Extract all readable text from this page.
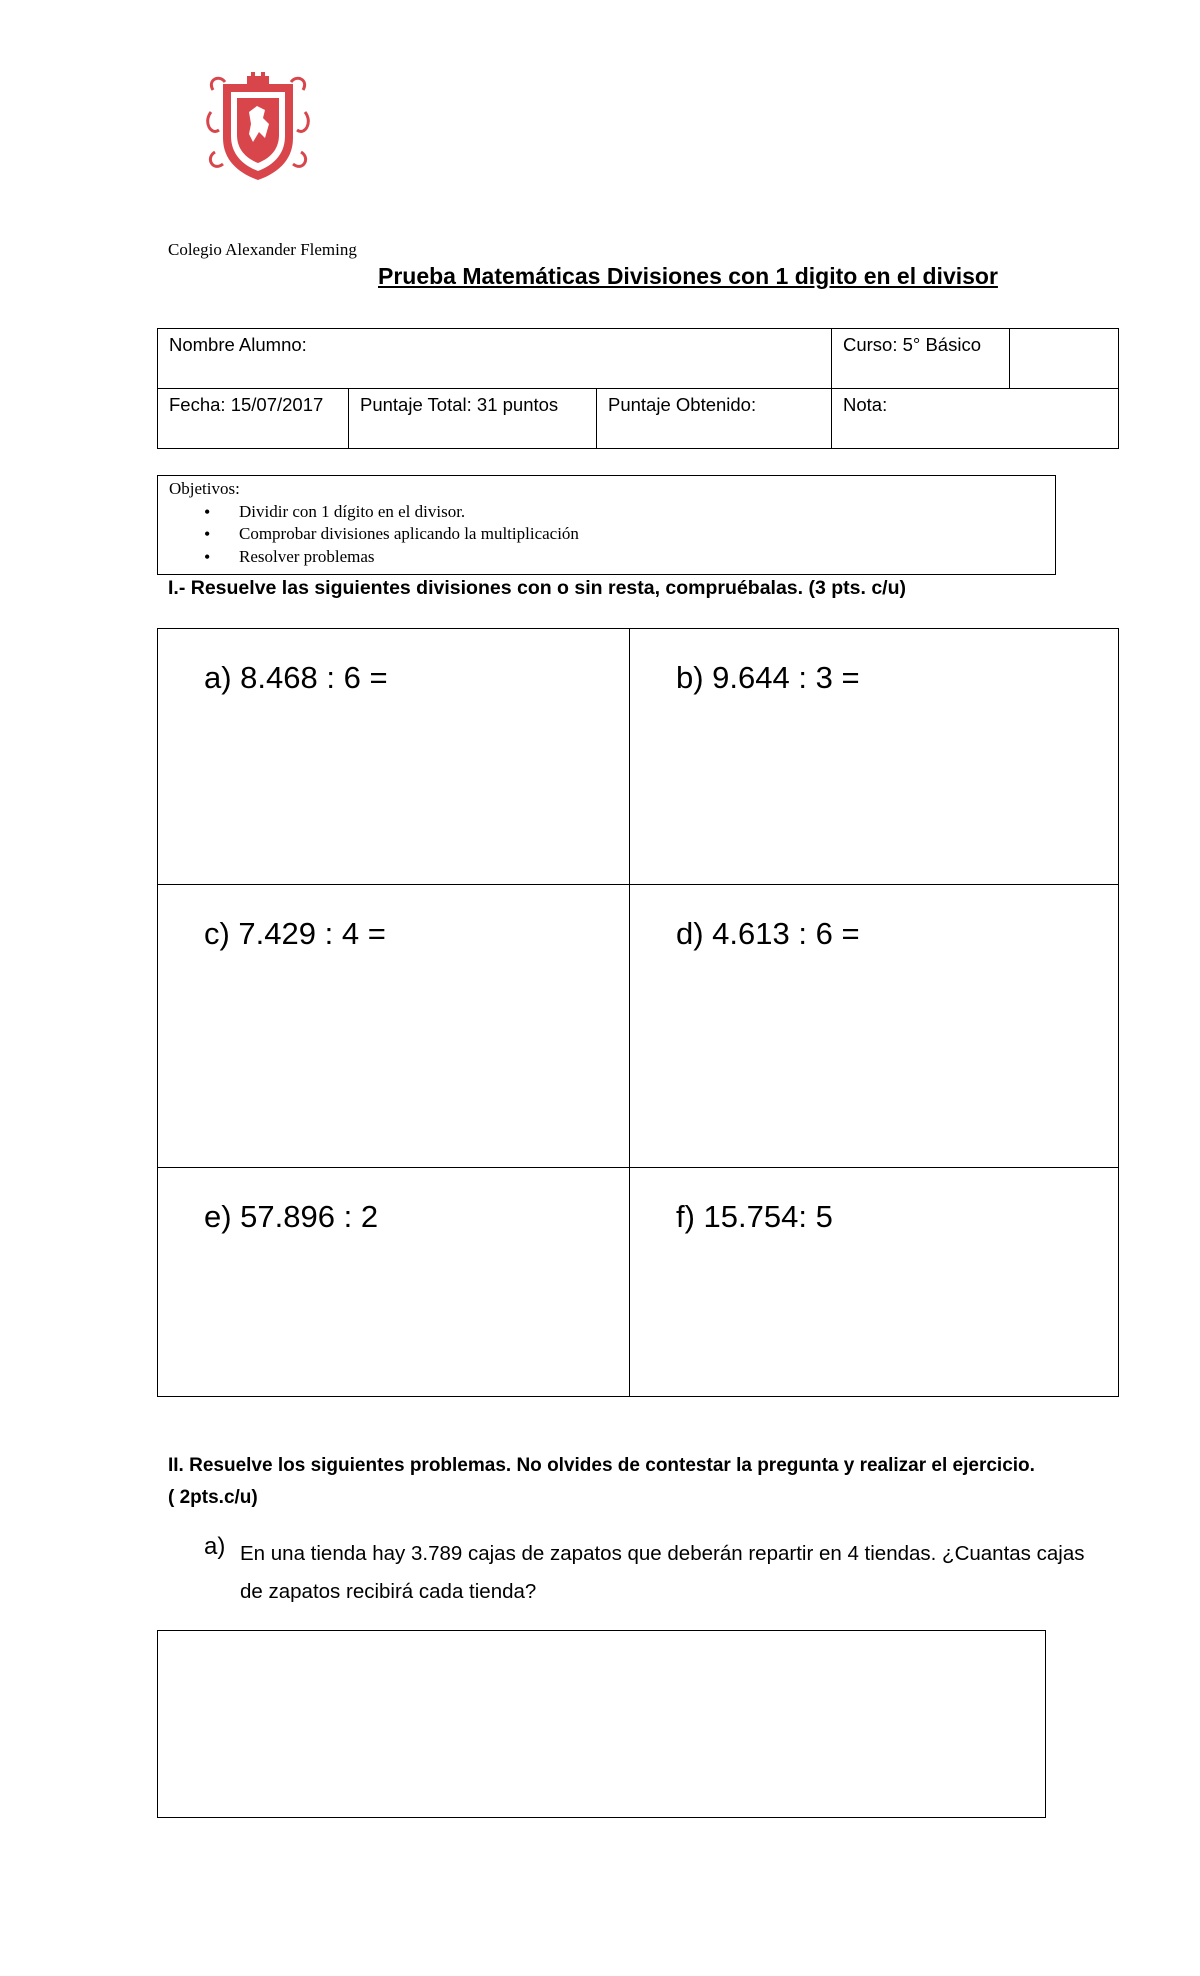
Colegio Alexander Fleming
Prueba Matemáticas Divisiones con 1 digito en el divisor
Nombre Alumno:			Curso: 5° Básico	
Fecha: 15/07/2017	Puntaje Total: 31 puntos	Puntaje Obtenido:	Nota:	
Objetivos:
• Dividir con 1 dígito en el divisor.
• Comprobar divisiones aplicando la multiplicación
• Resolver problemas
I.- Resuelve las siguientes divisiones con o sin resta, compruébalas. (3 pts. c/u)
a) 8.468 : 6 =	b) 9.644 : 3 =

c) 7.429 : 4 =	d) 4.613 : 6 =

e) 57.896 : 2	f) 15.754: 5
II. Resuelve los siguientes problemas. No olvides de contestar la pregunta y realizar el ejercicio.
( 2pts.c/u)
a) En una tienda hay 3.789 cajas de zapatos que deberán repartir en 4 tiendas. ¿Cuantas cajas de zapatos recibirá cada tienda?
